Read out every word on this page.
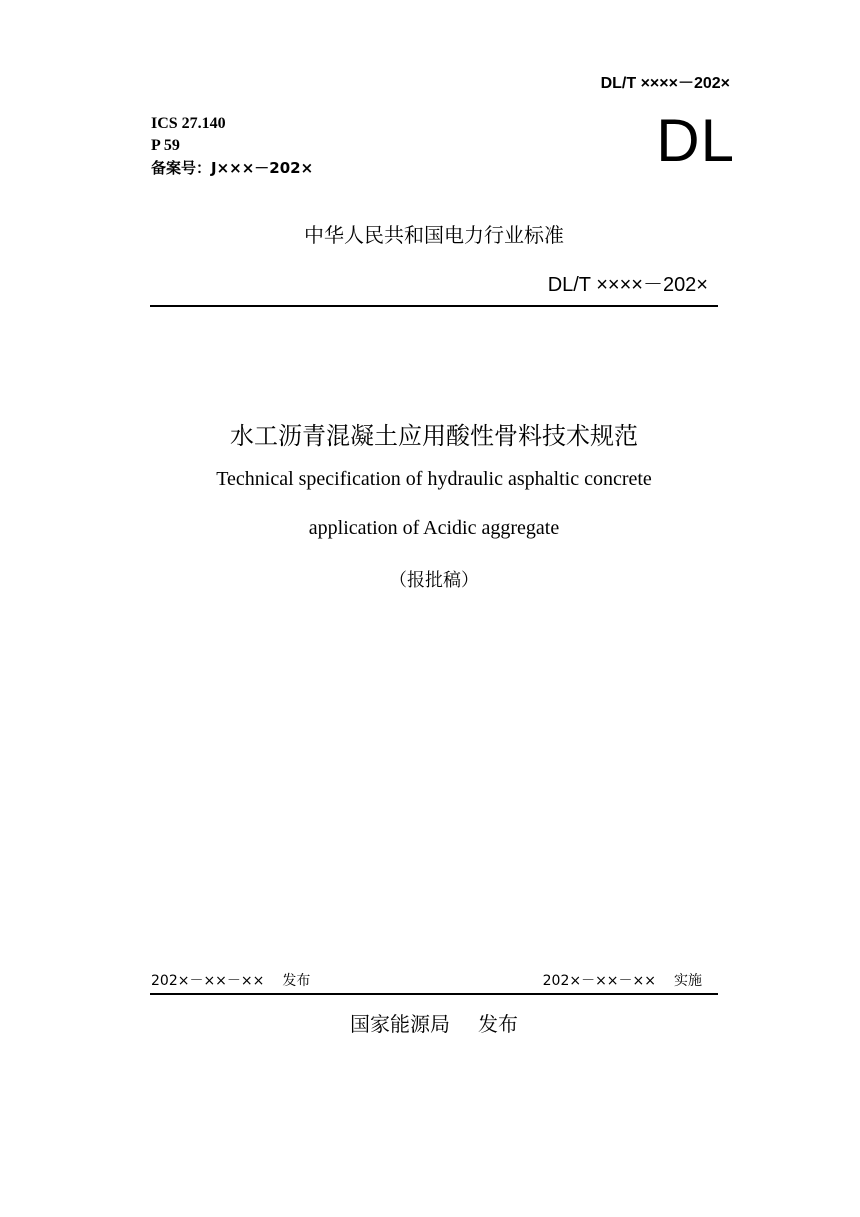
DL/T ××××－202×
ICS 27.140
P 59
备案号：J×××－202×	DL
中华人民共和国电力行业标准
DL/T ××××－202×
水工沥青混凝土应用酸性骨料技术规范
Technical specification of hydraulic asphaltic concrete
application of Acidic aggregate
（报批稿）
202×－××－×× 发布	202×－××－×× 实施
国家能源局 发布
